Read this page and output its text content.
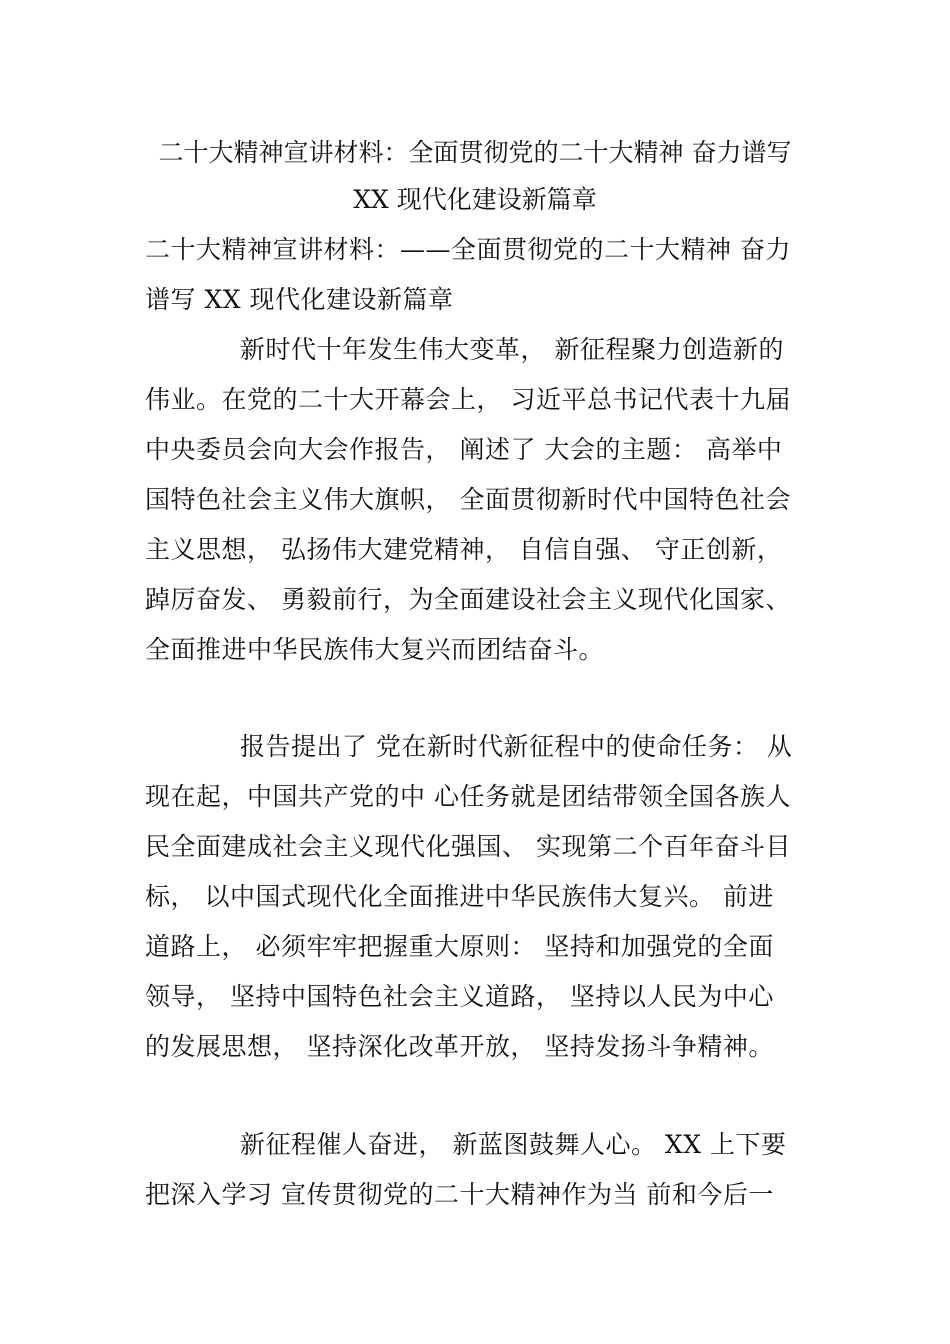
二十大精神宣讲材料：全面贯彻党的二十大精神 奋力谱写
XX 现代化建设新篇章
二十大精神宣讲材料：——全面贯彻党的二十大精神 奋力
谱写 XX 现代化建设新篇章
新时代十年发生伟大变革， 新征程聚力创造新的
伟业。在党的二十大开幕会上， 习近平总书记代表十九届
中央委员会向大会作报告， 阐述了 大会的主题： 高举中
国特色社会主义伟大旗帜， 全面贯彻新时代中国特色社会
主义思想， 弘扬伟大建党精神， 自信自强、 守正创新，
踔厉奋发、 勇毅前行，为全面建设社会主义现代化国家、
全面推进中华民族伟大复兴而团结奋斗。
报告提出了 党在新时代新征程中的使命任务： 从
现在起，中国共产党的中 心任务就是团结带领全国各族人
民全面建成社会主义现代化强国、 实现第二个百年奋斗目
标， 以中国式现代化全面推进中华民族伟大复兴。 前进
道路上， 必须牢牢把握重大原则： 坚持和加强党的全面
领导， 坚持中国特色社会主义道路， 坚持以人民为中心
的发展思想， 坚持深化改革开放， 坚持发扬斗争精神。
新征程催人奋进， 新蓝图鼓舞人心。 XX 上下要
把深入学习 宣传贯彻党的二十大精神作为当 前和今后一
